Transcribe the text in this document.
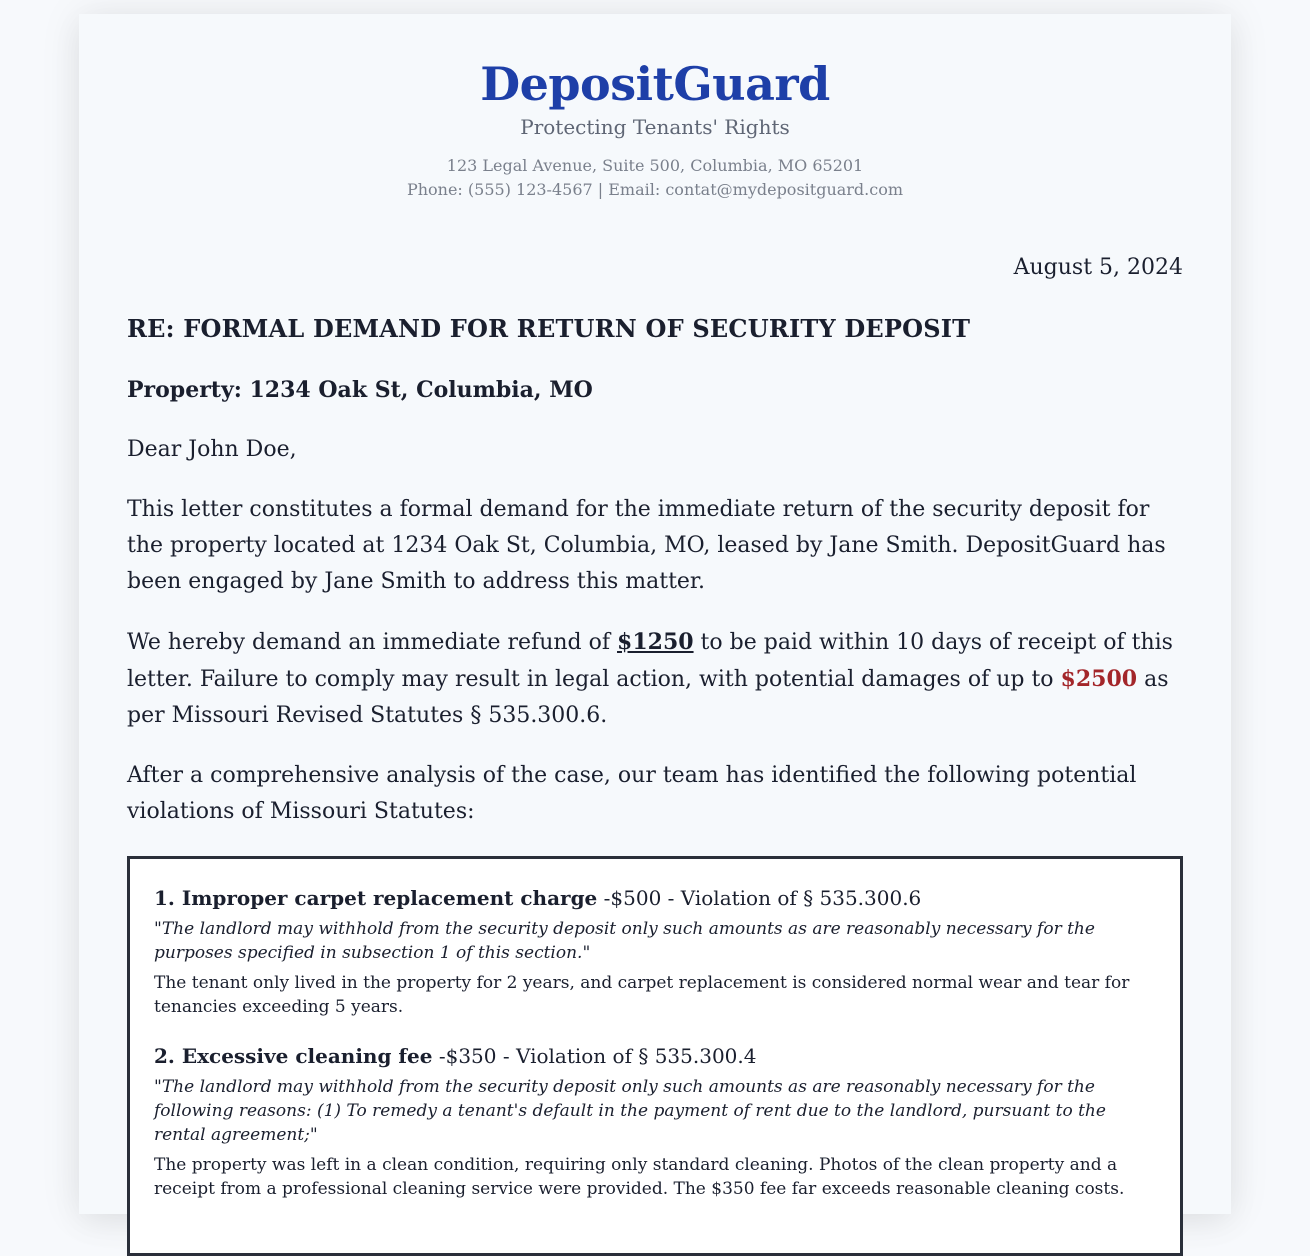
DepositGuard
Protecting Tenants' Rights
123 Legal Avenue, Suite 500, Columbia, MO 65201
Phone: (555) 123-4567 | Email: contat@mydepositguard.com
August 5, 2024
RE: FORMAL DEMAND FOR RETURN OF SECURITY DEPOSIT
Property: 1234 Oak St, Columbia, MO
Dear John Doe,
This letter constitutes a formal demand for the immediate return of the security deposit for the property located at 1234 Oak St, Columbia, MO, leased by Jane Smith. DepositGuard has been engaged by Jane Smith to address this matter.
We hereby demand an immediate refund of $1250 to be paid within 10 days of receipt of this letter. Failure to comply may result in legal action, with potential damages of up to $2500 as per Missouri Revised Statutes § 535.300.6.
After a comprehensive analysis of the case, our team has identified the following potential violations of Missouri Statutes:
1. Improper carpet replacement charge -$500 - Violation of § 535.300.6
"The landlord may withhold from the security deposit only such amounts as are reasonably necessary for the purposes specified in subsection 1 of this section."
The tenant only lived in the property for 2 years, and carpet replacement is considered normal wear and tear for tenancies exceeding 5 years.
2. Excessive cleaning fee -$350 - Violation of § 535.300.4
"The landlord may withhold from the security deposit only such amounts as are reasonably necessary for the following reasons: (1) To remedy a tenant's default in the payment of rent due to the landlord, pursuant to the rental agreement;"
The property was left in a clean condition, requiring only standard cleaning. Photos of the clean property and a receipt from a professional cleaning service were provided. The $350 fee far exceeds reasonable cleaning costs.
